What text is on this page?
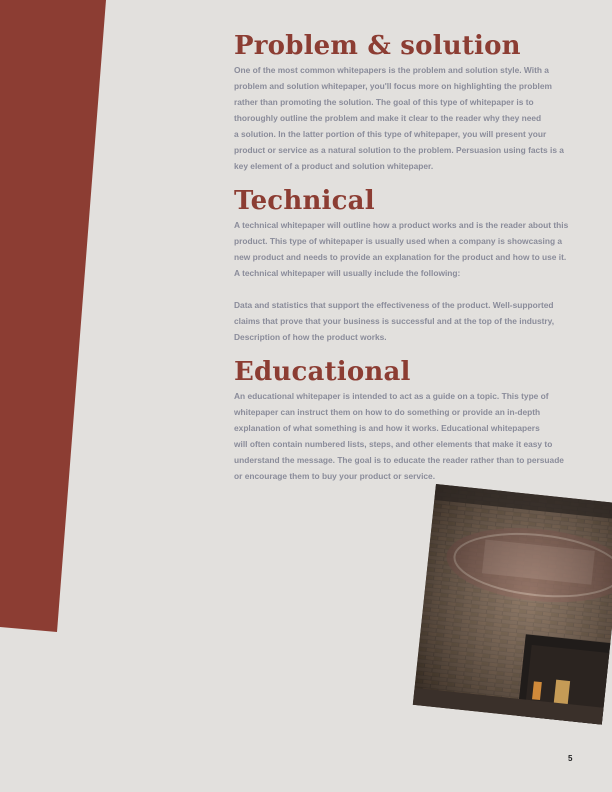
Problem & solution

One of the most common whitepapers is the problem and solution style. With a
problem and solution whitepaper, you'll focus more on highlighting the problem
rather than promoting the solution. The goal of this type of whitepaper is to
thoroughly outline the problem and make it clear to the reader why they need
a solution. In the latter portion of this type of whitepaper, you will present your
product or service as a natural solution to the problem. Persuasion using facts is a
key element of a product and solution whitepaper.

Technical

A technical whitepaper will outline how a product works and is the reader about this
product. This type of whitepaper is usually used when a company is showcasing a
new product and needs to provide an explanation for the product and how to use it.
A technical whitepaper will usually include the following:

Data and statistics that support the effectiveness of the product. Well-supported
claims that prove that your business is successful and at the top of the industry,
Description of how the product works.

Educational

An educational whitepaper is intended to act as a guide on a topic. This type of
whitepaper can instruct them on how to do something or provide an in-depth
explanation of what something is and how it works. Educational whitepapers
will often contain numbered lists, steps, and other elements that make it easy to
understand the message. The goal is to educate the reader rather than to persuade
or encourage them to buy your product or service.

5
